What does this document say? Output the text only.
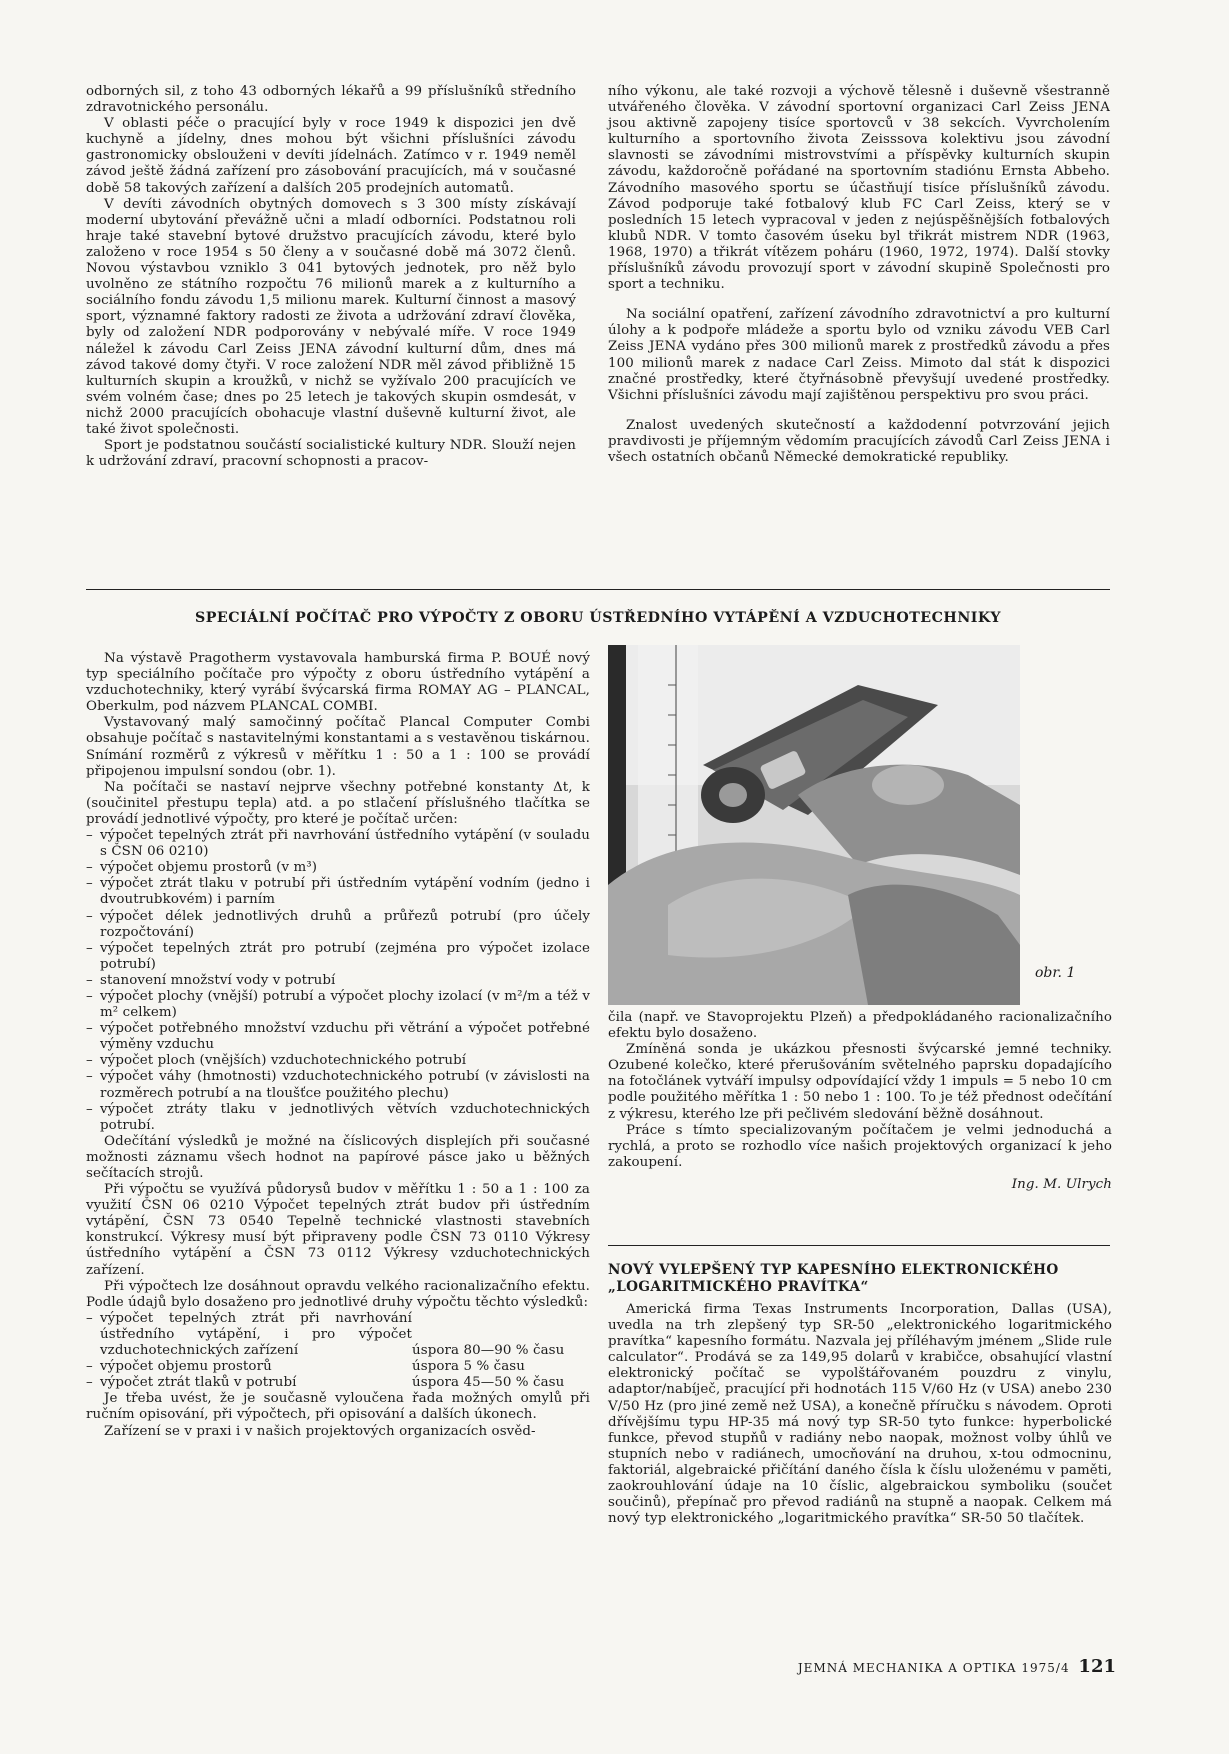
odborných sil, z toho 43 odborných lékařů a 99 příslušníků středního zdravotnického personálu.

V oblasti péče o pracující byly v roce 1949 k dispozici jen dvě kuchyně a jídelny, dnes mohou být všichni příslušníci závodu gastronomicky obslouženi v devíti jídelnách. Zatímco v r. 1949 neměl závod ještě žádná zařízení pro zásobování pracujících, má v současné době 58 takových zařízení a dalších 205 prodejních automatů.

V devíti závodních obytných domovech s 3 300 místy získávají moderní ubytování převážně učni a mladí odborníci. Podstatnou roli hraje také stavební bytové družstvo pracujících závodu, které bylo založeno v roce 1954 s 50 členy a v současné době má 3072 členů. Novou výstavbou vzniklo 3 041 bytových jednotek, pro něž bylo uvolněno ze státního rozpočtu 76 milionů marek a z kulturního a sociálního fondu závodu 1,5 milionu marek. Kulturní činnost a masový sport, významné faktory radosti ze života a udržování zdraví člověka, byly od založení NDR podporovány v nebývalé míře. V roce 1949 náležel k závodu Carl Zeiss JENA závodní kulturní dům, dnes má závod takové domy čtyři. V roce založení NDR měl závod přibližně 15 kulturních skupin a kroužků, v nichž se vyžívalo 200 pracujících ve svém volném čase; dnes po 25 letech je takových skupin osmdesát, v nichž 2000 pracujících obohacuje vlastní duševně kulturní život, ale také život společnosti.

Sport je podstatnou součástí socialistické kultury NDR. Slouží nejen k udržování zdraví, pracovní schopnosti a pracov-

ního výkonu, ale také rozvoji a výchově tělesně i duševně všestranně utvářeného člověka. V závodní sportovní organizaci Carl Zeiss JENA jsou aktivně zapojeny tisíce sportovců v 38 sekcích. Vyvrcholením kulturního a sportovního života Zeisssova kolektivu jsou závodní slavnosti se závodními mistrovstvími a příspěvky kulturních skupin závodu, každoročně pořádané na sportovním stadiónu Ernsta Abbeho. Závodního masového sportu se účastňují tisíce příslušníků závodu. Závod podporuje také fotbalový klub FC Carl Zeiss, který se v posledních 15 letech vypracoval v jeden z nejúspěšnějších fotbalových klubů NDR. V tomto časovém úseku byl třikrát mistrem NDR (1963, 1968, 1970) a třikrát vítězem poháru (1960, 1972, 1974). Další stovky příslušníků závodu provozují sport v závodní skupině Společnosti pro sport a techniku.

Na sociální opatření, zařízení závodního zdravotnictví a pro kulturní úlohy a k podpoře mládeže a sportu bylo od vzniku závodu VEB Carl Zeiss JENA vydáno přes 300 milionů marek z prostředků závodu a přes 100 milionů marek z nadace Carl Zeiss. Mimoto dal stát k dispozici značné prostředky, které čtyřnásobně převyšují uvedené prostředky. Všichni příslušníci závodu mají zajištěnou perspektivu pro svou práci.

Znalost uvedených skutečností a každodenní potvrzování jejich pravdivosti je příjemným vědomím pracujících závodů Carl Zeiss JENA i všech ostatních občanů Německé demokratické republiky.

SPECIÁLNÍ POČÍTAČ PRO VÝPOČTY Z OBORU ÚSTŘEDNÍHO VYTÁPĚNÍ A VZDUCHOTECHNIKY

Na výstavě Pragotherm vystavovala hamburská firma P. BOUÉ nový typ speciálního počítače pro výpočty z oboru ústředního vytápění a vzduchotechniky, který vyrábí švýcarská firma ROMAY AG – PLANCAL, Oberkulm, pod názvem PLANCAL COMBI.

Vystavovaný malý samočinný počítač Plancal Computer Combi obsahuje počítač s nastavitelnými konstantami a s vestavěnou tiskárnou. Snímání rozměrů z výkresů v měřítku 1 : 50 a 1 : 100 se provádí připojenou impulsní sondou (obr. 1).

Na počítači se nastaví nejprve všechny potřebné konstanty Δt, k (součinitel přestupu tepla) atd. a po stlačení příslušného tlačítka se provádí jednotlivé výpočty, pro které je počítač určen:

– výpočet tepelných ztrát při navrhování ústředního vytápění (v souladu s ČSN 06 0210)
– výpočet objemu prostorů (v m³)
– výpočet ztrát tlaku v potrubí při ústředním vytápění vodním (jedno i dvoutrubkovém) i parním
– výpočet délek jednotlivých druhů a průřezů potrubí (pro účely rozpočtování)
– výpočet tepelných ztrát pro potrubí (zejména pro výpočet izolace potrubí)
– stanovení množství vody v potrubí
– výpočet plochy (vnější) potrubí a výpočet plochy izolací (v m²/m a též v m² celkem)
– výpočet potřebného množství vzduchu při větrání a výpočet potřebné výměny vzduchu
– výpočet ploch (vnějších) vzduchotechnického potrubí
– výpočet váhy (hmotnosti) vzduchotechnického potrubí (v závislosti na rozměrech potrubí a na tloušťce použitého plechu)
– výpočet ztráty tlaku v jednotlivých větvích vzduchotechnických potrubí.

Odečítání výsledků je možné na číslicových displejích při současné možnosti záznamu všech hodnot na papírové pásce jako u běžných sečítacích strojů.

Při výpočtu se využívá půdorysů budov v měřítku 1 : 50 a 1 : 100 za využití ČSN 06 0210 Výpočet tepelných ztrát budov při ústředním vytápění, ČSN 73 0540 Tepelně technické vlastnosti stavebních konstrukcí. Výkresy musí být připraveny podle ČSN 73 0110 Výkresy ústředního vytápění a ČSN 73 0112 Výkresy vzduchotechnických zařízení.

Při výpočtech lze dosáhnout opravdu velkého racionalizačního efektu. Podle údajů bylo dosaženo pro jednotlivé druhy výpočtu těchto výsledků:

– výpočet tepelných ztrát při navrhování ústředního vytápění, i pro výpočet vzduchotechnických zařízení	úspora 80—90 % času
– výpočet objemu prostorů	úspora 5 % času
– výpočet ztrát tlaků v potrubí	úspora 45—50 % času

Je třeba uvést, že je současně vyloučena řada možných omylů při ručním opisování, při výpočtech, při opisování a dalších úkonech.

Zařízení se v praxi i v našich projektových organizacích osvěd-

obr. 1

čila (např. ve Stavoprojektu Plzeň) a předpokládaného racionalizačního efektu bylo dosaženo.

Zmíněná sonda je ukázkou přesnosti švýcarské jemné techniky. Ozubené kolečko, které přerušováním světelného paprsku dopadajícího na fotočlánek vytváří impulsy odpovídající vždy 1 impuls = 5 nebo 10 cm podle použitého měřítka 1 : 50 nebo 1 : 100. To je též přednost odečítání z výkresu, kterého lze při pečlivém sledování běžně dosáhnout.

Práce s tímto specializovaným počítačem je velmi jednoduchá a rychlá, a proto se rozhodlo více našich projektových organizací k jeho zakoupení.

Ing. M. Ulrych
NOVÝ VYLEPŠENÝ TYP KAPESNÍHO ELEKTRONICKÉHO
„LOGARITMICKÉHO PRAVÍTKA“

Americká firma Texas Instruments Incorporation, Dallas (USA), uvedla na trh zlepšený typ SR-50 „elektronického logaritmického pravítka“ kapesního formátu. Nazvala jej příléhavým jménem „Slide rule calculator“. Prodává se za 149,95 dolarů v krabičce, obsahující vlastní elektronický počítač se vypolštářovaném pouzdru z vinylu, adaptor/nabíječ, pracující při hodnotách 115 V/60 Hz (v USA) anebo 230 V/50 Hz (pro jiné země než USA), a konečně příručku s návodem. Oproti dřívějšímu typu HP-35 má nový typ SR-50 tyto funkce: hyperbolické funkce, převod stupňů v radiány nebo naopak, možnost volby úhlů ve stupních nebo v radiánech, umocňování na druhou, x-tou odmocninu, faktoriál, algebraické přičítání daného čísla k číslu uloženému v paměti, zaokrouhlování údaje na 10 číslic, algebraickou symboliku (součet součinů), přepínač pro převod radiánů na stupně a naopak. Celkem má nový typ elektronického „logaritmického pravítka“ SR-50 50 tlačítek.

JEMNÁ MECHANIKA A OPTIKA 1975/4 121
